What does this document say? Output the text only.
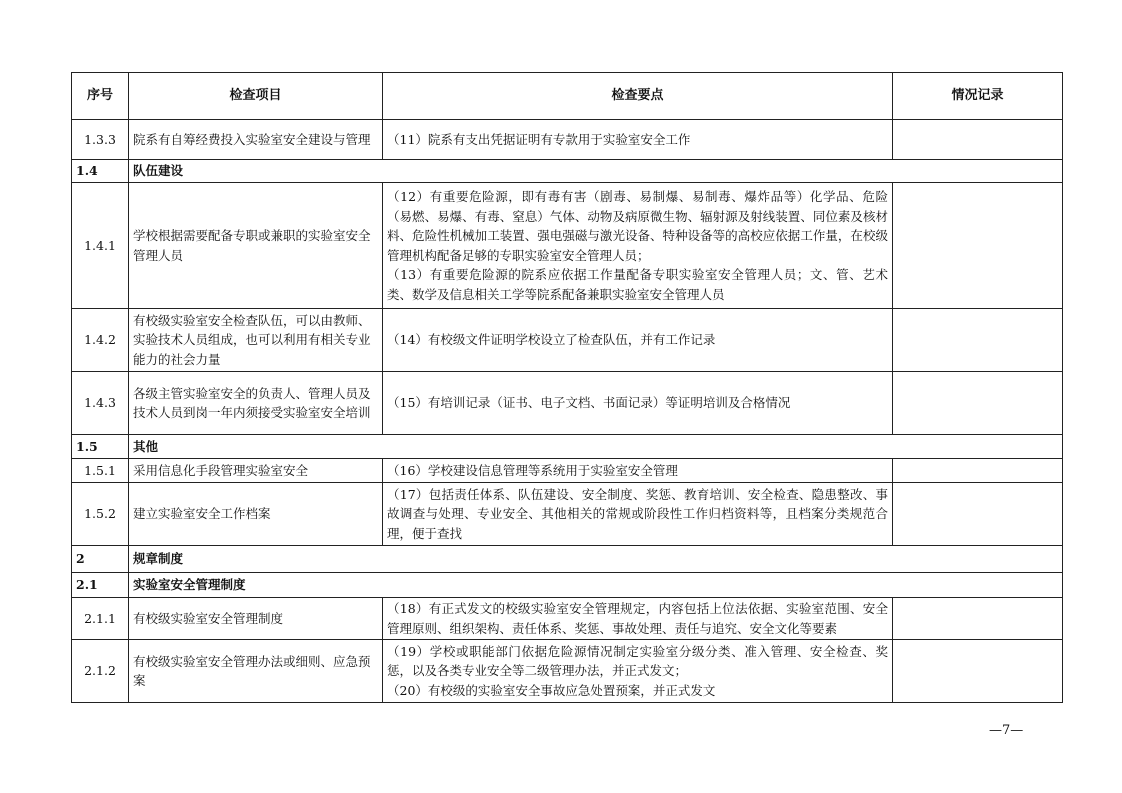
序号	检查项目	检查要点	情况记录
1.3.3	院系有自筹经费投入实验室安全建设与管理	（11）院系有支出凭据证明有专款用于实验室安全工作	

1.4	队伍建设		
1.4.1	学校根据需要配备专职或兼职的实验室安全管理人员	（12）有重要危险源，即有毒有害（剧毒、易制爆、易制毒、爆炸品等）化学品、危险（易燃、易爆、有毒、窒息）气体、动物及病原微生物、辐射源及射线装置、同位素及核材料、危险性机械加工装置、强电强磁与激光设备、特种设备等的高校应依据工作量，在校级管理机构配备足够的专职实验室安全管理人员；
（13）有重要危险源的院系应依据工作量配备专职实验室安全管理人员；文、管、艺术类、数学及信息相关工学等院系配备兼职实验室安全管理人员	

1.4.2	有校级实验室安全检查队伍，可以由教师、实验技术人员组成，也可以利用有相关专业能力的社会力量	（14）有校级文件证明学校设立了检查队伍，并有工作记录	

1.4.3	各级主管实验室安全的负责人、管理人员及技术人员到岗一年内须接受实验室安全培训	（15）有培训记录（证书、电子文档、书面记录）等证明培训及合格情况	

1.5	其他		
1.5.1	采用信息化手段管理实验室安全	（16）学校建设信息管理等系统用于实验室安全管理	

1.5.2	建立实验室安全工作档案	（17）包括责任体系、队伍建设、安全制度、奖惩、教育培训、安全检查、隐患整改、事故调查与处理、专业安全、其他相关的常规或阶段性工作归档资料等，且档案分类规范合理，便于查找	

2	规章制度		
2.1	实验室安全管理制度		
2.1.1	有校级实验室安全管理制度	（18）有正式发文的校级实验室安全管理规定，内容包括上位法依据、实验室范围、安全管理原则、组织架构、责任体系、奖惩、事故处理、责任与追究、安全文化等要素	

2.1.2	有校级实验室安全管理办法或细则、应急预案	（19）学校或职能部门依据危险源情况制定实验室分级分类、准入管理、安全检查、奖惩，以及各类专业安全等二级管理办法，并正式发文；
（20）有校级的实验室安全事故应急处置预案，并正式发文	

—7—
